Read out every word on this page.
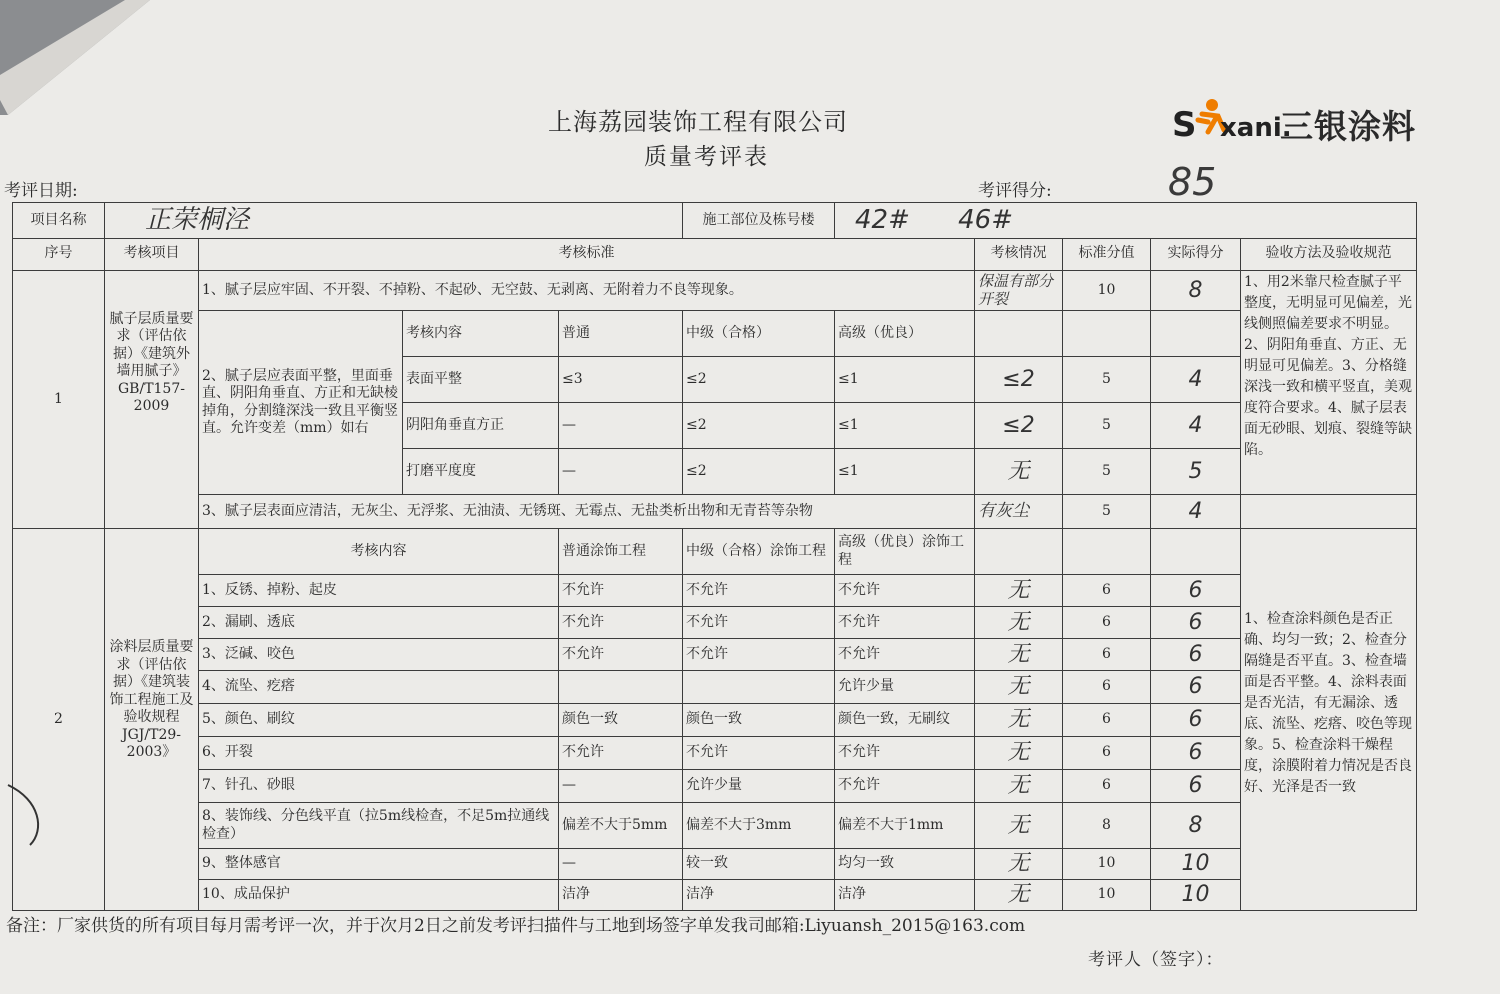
上海荔园装饰工程有限公司
质量考评表
S xani.
三银涂料
考评日期:	考评得分:	85
项目名称	正荣桐泾				施工部位及栋号楼	42# 46#				
序号	考核项目	考核标准					考核情况	标准分值	实际得分	验收方法及验收规范
1	腻子层质量要求（评估依据）《建筑外墙用腻子》GB/T157-2009	1、腻子层应牢固、不开裂、不掉粉、不起砂、无空鼓、无剥离、无附着力不良等现象。					保温有部分开裂	10	8	1、用2米靠尺检查腻子平整度，无明显可见偏差，光线侧照偏差要求不明显。2、阴阳角垂直、方正、无明显可见偏差。3、分格缝深浅一致和横平竖直，美观度符合要求。4、腻子层表面无砂眼、划痕、裂缝等缺陷。
		2、腻子层应表面平整，里面垂直、阴阳角垂直、方正和无缺棱掉角，分割缝深浅一致且平衡竖直。允许变差（mm）如右	考核内容	普通	中级（合格）	高级（优良）				
			表面平整	≤3	≤2	≤1	≤2	5	4	
			阴阳角垂直方正	—	≤2	≤1	≤2	5	4	
			打磨平度度	—	≤2	≤1	无	5	5	
		3、腻子层表面应清洁，无灰尘、无浮浆、无油渍、无锈斑、无霉点、无盐类析出物和无青苔等杂物					有灰尘	5	4	
2	涂料层质量要求（评估依据）《建筑装饰工程施工及验收规程JGJ/T29-2003》	考核内容		普通涂饰工程	中级（合格）涂饰工程	高级（优良）涂饰工程				1、检查涂料颜色是否正确、均匀一致；2、检查分隔缝是否平直。3、检查墙面是否平整。4、涂料表面是否光洁，有无漏涂、透底、流坠、疙瘩、咬色等现象。5、检查涂料干燥程度，涂膜附着力情况是否良好、光泽是否一致
		1、反锈、掉粉、起皮		不允许	不允许	不允许	无	6	6	
		2、漏刷、透底		不允许	不允许	不允许	无	6	6	
		3、泛碱、咬色		不允许	不允许	不允许	无	6	6	
		4、流坠、疙瘩				允许少量	无	6	6	
		5、颜色、刷纹		颜色一致	颜色一致	颜色一致，无刷纹	无	6	6	
		6、开裂		不允许	不允许	不允许	无	6	6	
		7、针孔、砂眼		—	允许少量	不允许	无	6	6	
		8、装饰线、分色线平直（拉5m线检查，不足5m拉通线检查）		偏差不大于5mm	偏差不大于3mm	偏差不大于1mm	无	8	8	
		9、整体感官		—	较一致	均匀一致	无	10	10	
		10、成品保护		洁净	洁净	洁净	无	10	10	
备注：厂家供货的所有项目每月需考评一次，并于次月2日之前发考评扫描件与工地到场签字单发我司邮箱:Liyuansh_2015@163.com
考评人（签字）：
